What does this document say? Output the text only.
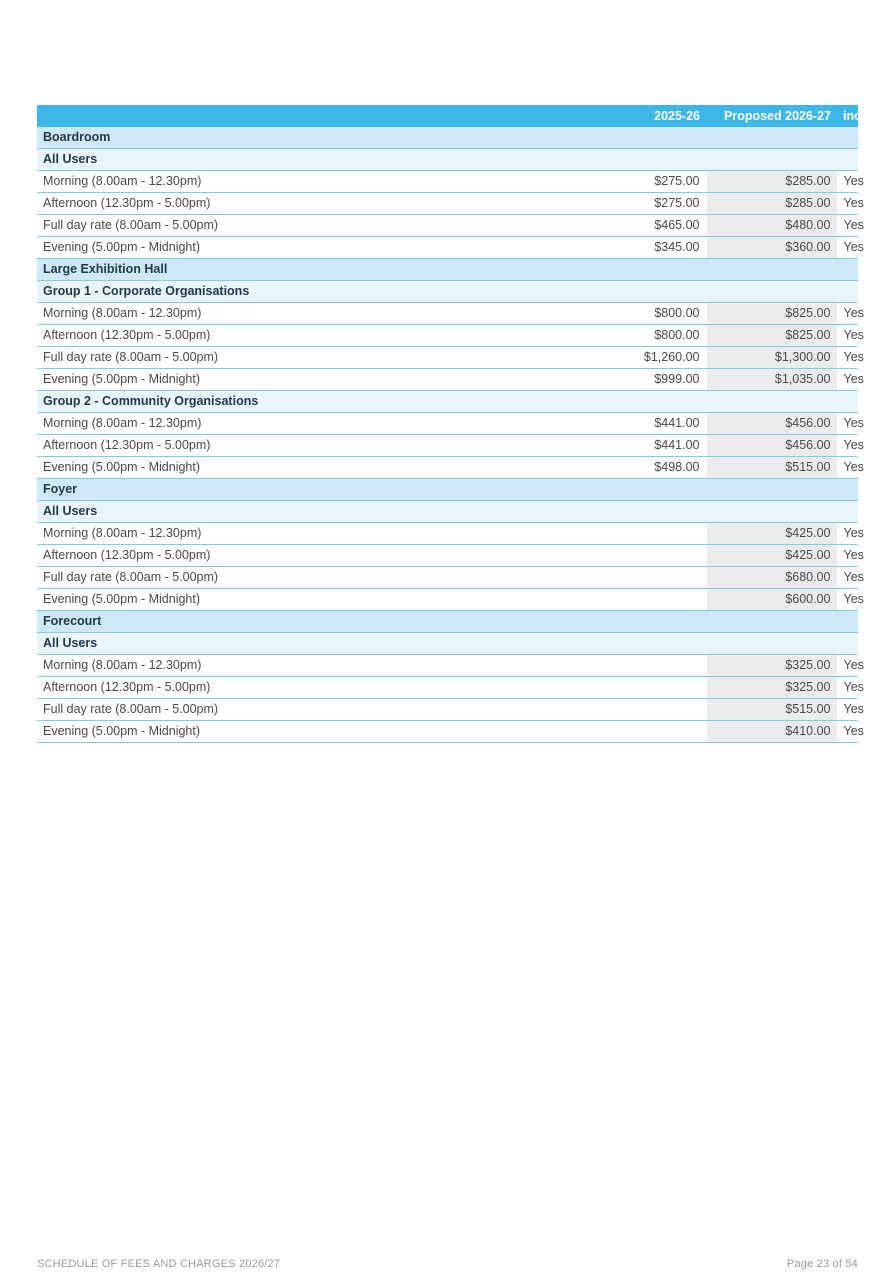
	2025-26	Proposed 2026-27	incl GST
Boardroom			
All Users			
Morning (8.00am - 12.30pm)	$275.00	$285.00	Yes
Afternoon (12.30pm - 5.00pm)	$275.00	$285.00	Yes
Full day rate (8.00am - 5.00pm)	$465.00	$480.00	Yes
Evening (5.00pm - Midnight)	$345.00	$360.00	Yes
Large Exhibition Hall			
Group 1 - Corporate Organisations			
Morning (8.00am - 12.30pm)	$800.00	$825.00	Yes
Afternoon (12.30pm - 5.00pm)	$800.00	$825.00	Yes
Full day rate (8.00am - 5.00pm)	$1,260.00	$1,300.00	Yes
Evening (5.00pm - Midnight)	$999.00	$1,035.00	Yes
Group 2 - Community Organisations			
Morning (8.00am - 12.30pm)	$441.00	$456.00	Yes
Afternoon (12.30pm - 5.00pm)	$441.00	$456.00	Yes
Evening (5.00pm - Midnight)	$498.00	$515.00	Yes
Foyer			
All Users			
Morning (8.00am - 12.30pm)		$425.00	Yes
Afternoon (12.30pm - 5.00pm)		$425.00	Yes
Full day rate (8.00am - 5.00pm)		$680.00	Yes
Evening (5.00pm - Midnight)		$600.00	Yes
Forecourt			
All Users			
Morning (8.00am - 12.30pm)		$325.00	Yes
Afternoon (12.30pm - 5.00pm)		$325.00	Yes
Full day rate (8.00am - 5.00pm)		$515.00	Yes
Evening (5.00pm - Midnight)		$410.00	Yes
SCHEDULE OF FEES AND CHARGES 2026/27	Page 23 of 54
